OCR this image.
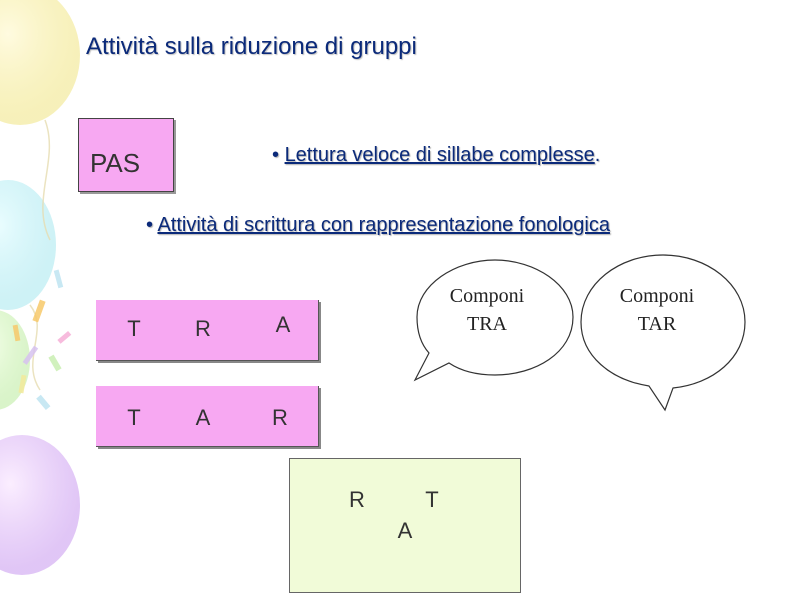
Attività sulla riduzione di gruppi
PAS	• Lettura veloce di sillabe complesse.
• Attività di scrittura con rappresentazione fonologica
T	R	A
T	A	R
R	T
A
Componi
TRA
Componi
TAR
